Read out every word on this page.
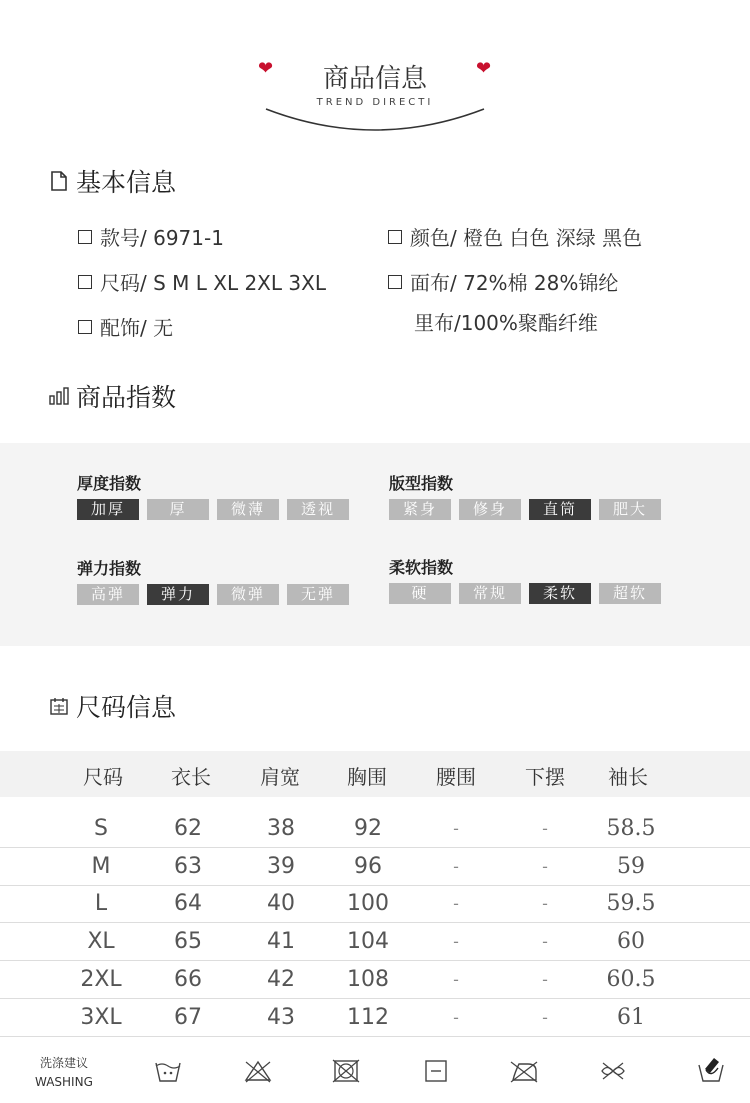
❤	❤
商品信息
TREND DIRECTI
基本信息
款号/ 6971-1
尺码/ S M L XL 2XL 3XL
配饰/ 无
颜色/ 橙色 白色 深绿 黑色
面布/ 72%棉 28%锦纶
里布/100%聚酯纤维
商品指数
厚度指数
加厚	厚	微薄	透视
版型指数
紧身	修身	直筒	肥大
弹力指数
高弹	弹力	微弹	无弹
柔软指数
硬	常规	柔软	超软
尺码信息
尺码 衣长 肩宽 胸围 腰围 下摆 袖长
S	62	38	92	-	-	58.5
M	63	39	96	-	-	59
L	64	40 100	-	-	59.5
XL	65	41 104	-	-	60
2XL 66	42 108	-	-	60.5
3XL 67	43 112	-	-	61
洗涤建议
WASHING
